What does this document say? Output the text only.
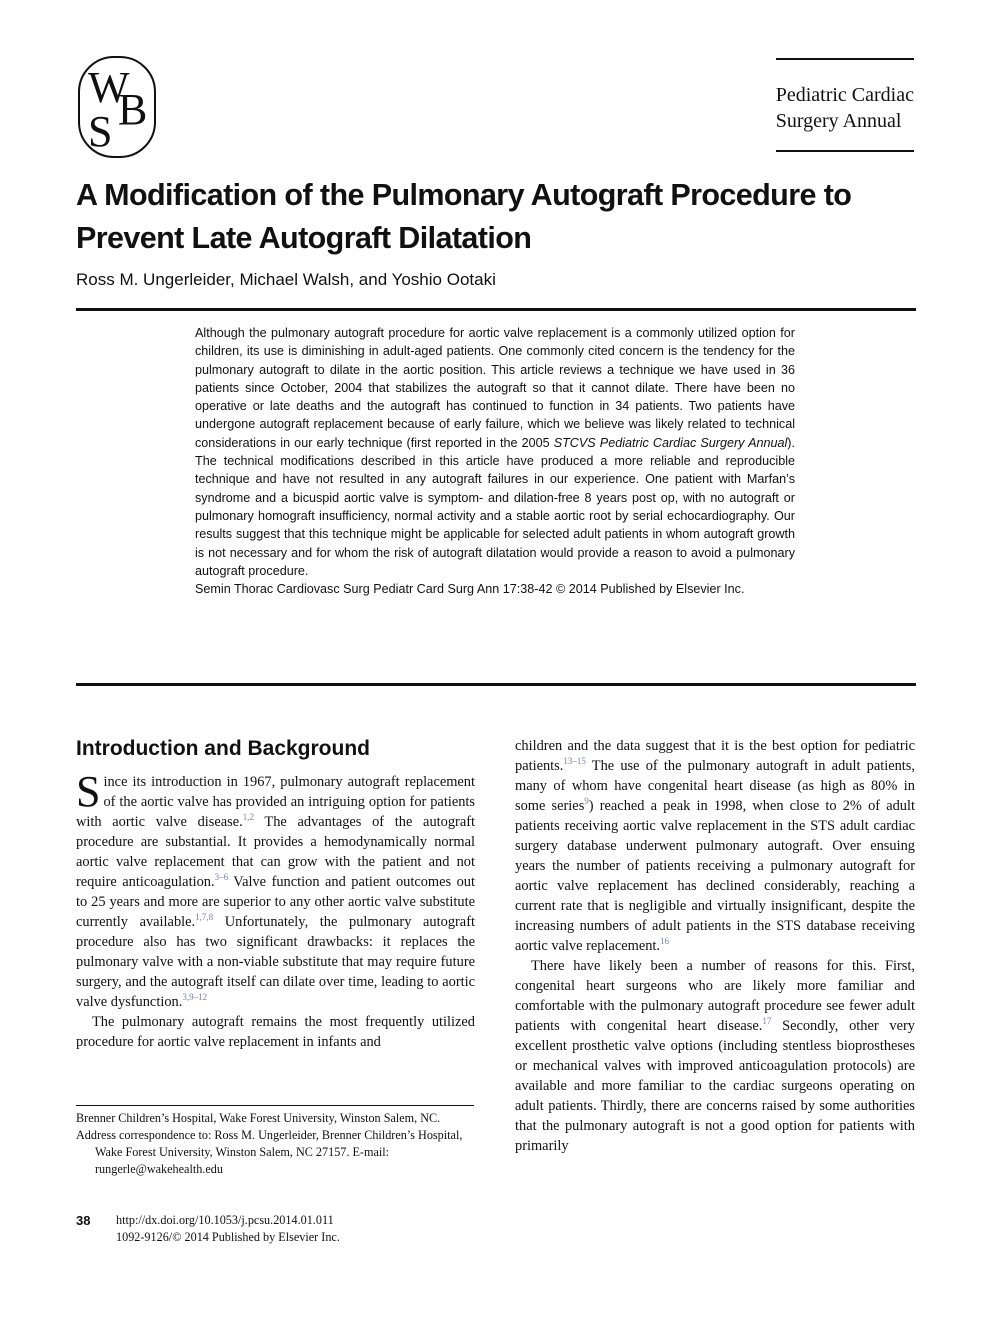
W
B
S
Pediatric Cardiac
Surgery Annual
A Modification of the Pulmonary Autograft Procedure to Prevent Late Autograft Dilatation
Ross M. Ungerleider, Michael Walsh, and Yoshio Ootaki

Although the pulmonary autograft procedure for aortic valve replacement is a commonly utilized option for children, its use is diminishing in adult-aged patients. One commonly cited concern is the tendency for the pulmonary autograft to dilate in the aortic position. This article reviews a technique we have used in 36 patients since October, 2004 that stabilizes the autograft so that it cannot dilate. There have been no operative or late deaths and the autograft has continued to function in 34 patients. Two patients have undergone autograft replacement because of early failure, which we believe was likely related to technical considerations in our early technique (first reported in the 2005 STCVS Pediatric Cardiac Surgery Annual). The technical modifications described in this article have produced a more reliable and reproducible technique and have not resulted in any autograft failures in our experience. One patient with Marfan’s syndrome and a bicuspid aortic valve is symptom- and dilation-free 8 years post op, with no autograft or pulmonary homograft insufficiency, normal activity and a stable aortic root by serial echocardiography. Our results suggest that this technique might be applicable for selected adult patients in whom autograft growth is not necessary and for whom the risk of autograft dilatation would provide a reason to avoid a pulmonary autograft procedure.

Semin Thorac Cardiovasc Surg Pediatr Card Surg Ann 17:38-42 © 2014 Published by Elsevier Inc.

Introduction and Background

Since its introduction in 1967, pulmonary autograft replacement of the aortic valve has provided an intriguing option for patients with aortic valve disease.$^{1,2}$ The advantages of the autograft procedure are substantial. It provides a hemodynamically normal aortic valve replacement that can grow with the patient and not require anticoagulation.$^{3-6}$ Valve function and patient outcomes out to 25 years and more are superior to any other aortic valve substitute currently available.$^{1,7,8}$ Unfortunately, the pulmonary autograft procedure also has two significant drawbacks: it replaces the pulmonary valve with a non-viable substitute that may require future surgery, and the autograft itself can dilate over time, leading to aortic valve dysfunction.$^{3,9-12}$

The pulmonary autograft remains the most frequently utilized procedure for aortic valve replacement in infants and

children and the data suggest that it is the best option for pediatric patients.$^{13-15}$ The use of the pulmonary autograft in adult patients, many of whom have congenital heart disease (as high as 80% in some series$^9$) reached a peak in 1998, when close to 2% of adult patients receiving aortic valve replacement in the STS adult cardiac surgery database underwent pulmonary autograft. Over ensuing years the number of patients receiving a pulmonary autograft for aortic valve replacement has declined considerably, reaching a current rate that is negligible and virtually insignificant, despite the increasing numbers of adult patients in the STS database receiving aortic valve replacement.$^{16}$

There have likely been a number of reasons for this. First, congenital heart surgeons who are likely more familiar and comfortable with the pulmonary autograft procedure see fewer adult patients with congenital heart disease.$^{17}$ Secondly, other very excellent prosthetic valve options (including stentless bioprostheses or mechanical valves with improved anticoagulation protocols) are available and more familiar to the cardiac surgeons operating on adult patients. Thirdly, there are concerns raised by some authorities that the pulmonary autograft is not a good option for patients with primarily

Brenner Children’s Hospital, Wake Forest University, Winston Salem, NC.

Address correspondence to: Ross M. Ungerleider, Brenner Children’s Hospital, Wake Forest University, Winston Salem, NC 27157. E-mail: rungerle@wakehealth.edu

38 http://dx.doi.org/10.1053/j.pcsu.2014.01.011
1092-9126/© 2014 Published by Elsevier Inc.
